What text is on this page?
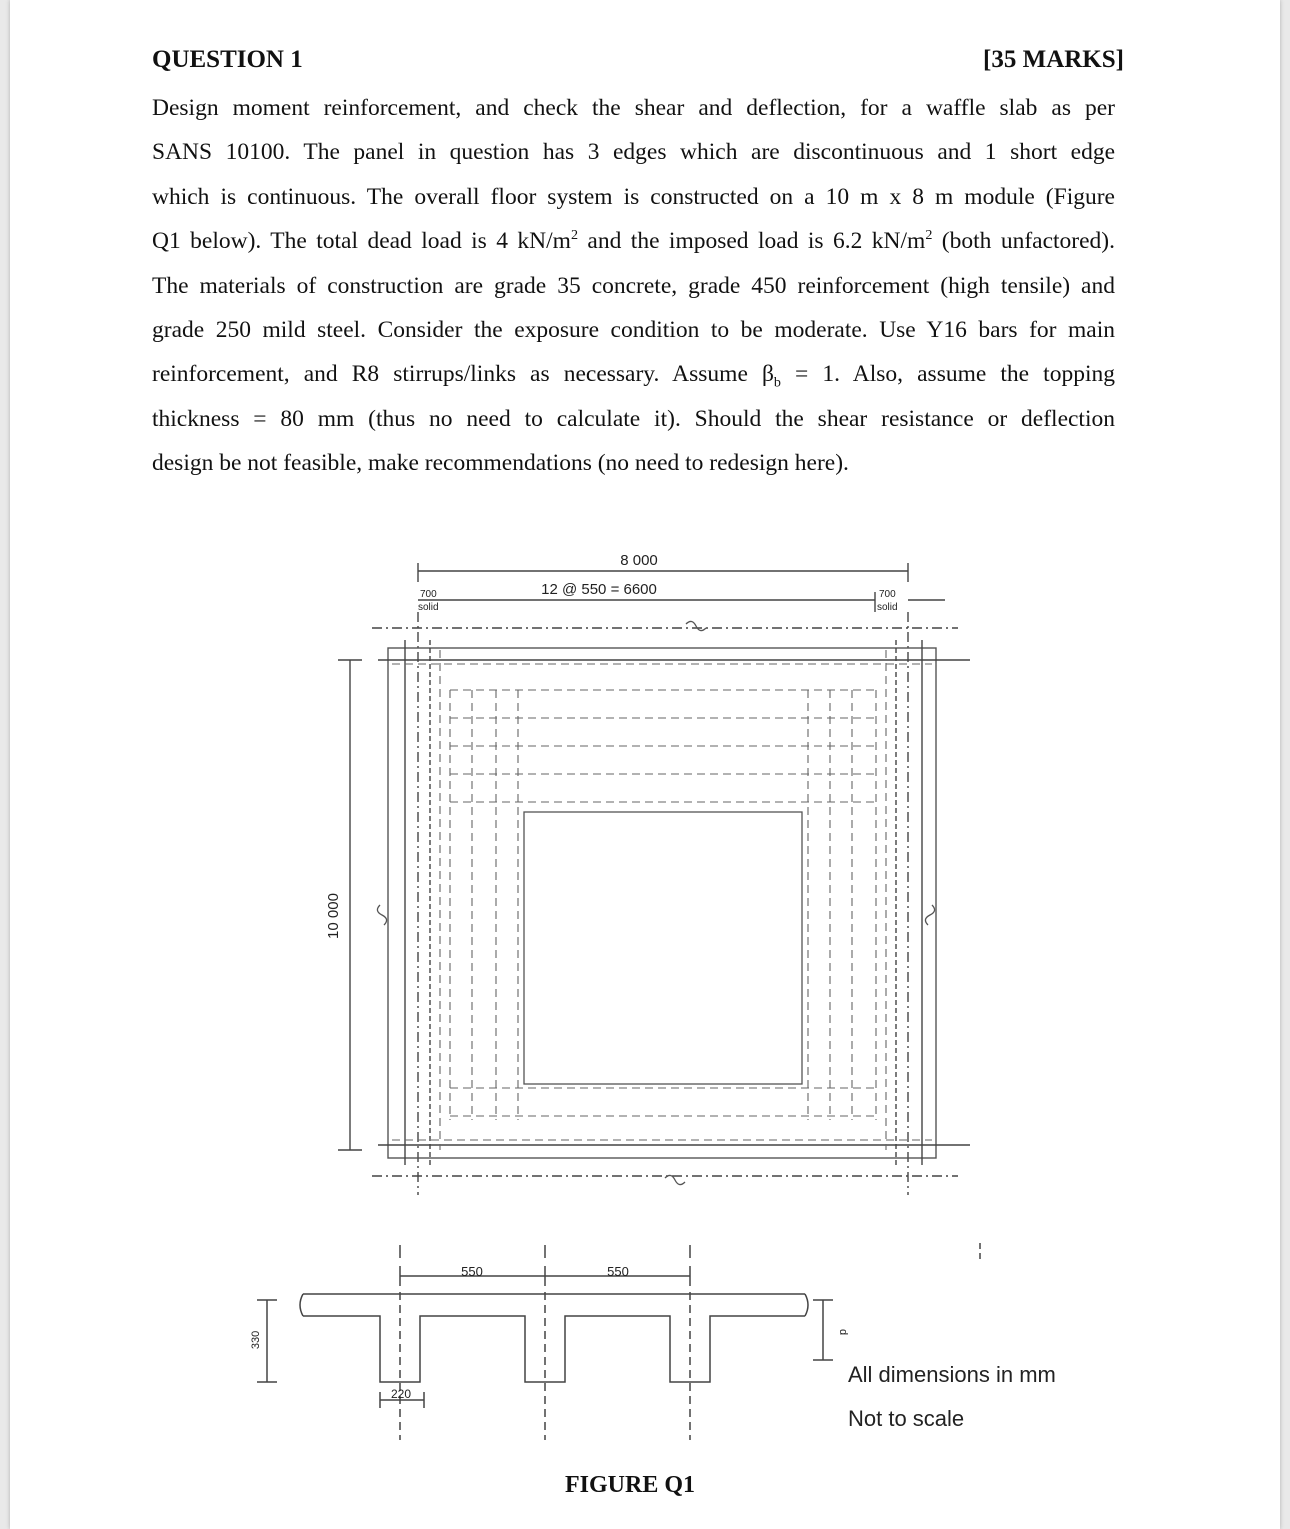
QUESTION 1	[35 MARKS]
Design moment reinforcement, and check the shear and deflection, for a waffle slab as per
SANS 10100. The panel in question has 3 edges which are discontinuous and 1 short edge
which is continuous. The overall floor system is constructed on a 10 m x 8 m module (Figure
Q1 below). The total dead load is 4 $kN/m^2$ and the imposed load is 6.2 $kN/m^2$ (both unfactored).
The materials of construction are grade 35 concrete, grade 450 reinforcement (high tensile) and
grade 250 mild steel. Consider the exposure condition to be moderate. Use Y16 bars for main
reinforcement, and R8 stirrups/links as necessary. Assume $\beta_b = 1$. Also, assume the topping
thickness = 80 mm (thus no need to calculate it). Should the shear resistance or deflection
design be not feasible, make recommendations (no need to redesign here).
8 000
12 @ 550 = 6600
700
solid
700
solid
10 000
550	550
330	d
220
All dimensions in mm
Not to scale
FIGURE Q1
